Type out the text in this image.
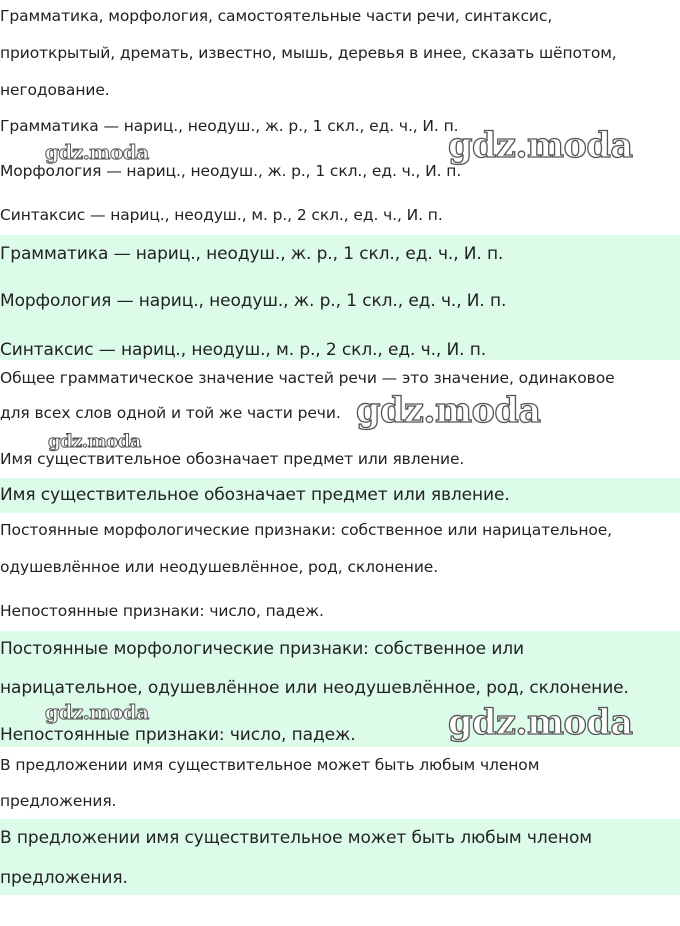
Грамматика, морфология, самостоятельные части речи, синтаксис,
приоткрытый, дремать, известно, мышь, деревья в инее, сказать шёпотом,
негодование.
Грамматика — нариц., неодуш., ж. р., 1 скл., ед. ч., И. п.
Морфология — нариц., неодуш., ж. р., 1 скл., ед. ч., И. п.
Синтаксис — нариц., неодуш., м. р., 2 скл., ед. ч., И. п.
Грамматика — нариц., неодуш., ж. р., 1 скл., ед. ч., И. п.
Морфология — нариц., неодуш., ж. р., 1 скл., ед. ч., И. п.
Синтаксис — нариц., неодуш., м. р., 2 скл., ед. ч., И. п.
Общее грамматическое значение частей речи — это значение, одинаковое
для всех слов одной и той же части речи.
Имя существительное обозначает предмет или явление.
Имя существительное обозначает предмет или явление.
Постоянные морфологические признаки: собственное или нарицательное,
одушевлённое или неодушевлённое, род, склонение.
Непостоянные признаки: число, падеж.
Постоянные морфологические признаки: собственное или
нарицательное, одушевлённое или неодушевлённое, род, склонение.
Непостоянные признаки: число, падеж.
В предложении имя существительное может быть любым членом
предложения.
В предложении имя существительное может быть любым членом
предложения.
gdz.moda	gdz.moda
gdz.moda
gdz.moda
gdz.moda	gdz.moda
